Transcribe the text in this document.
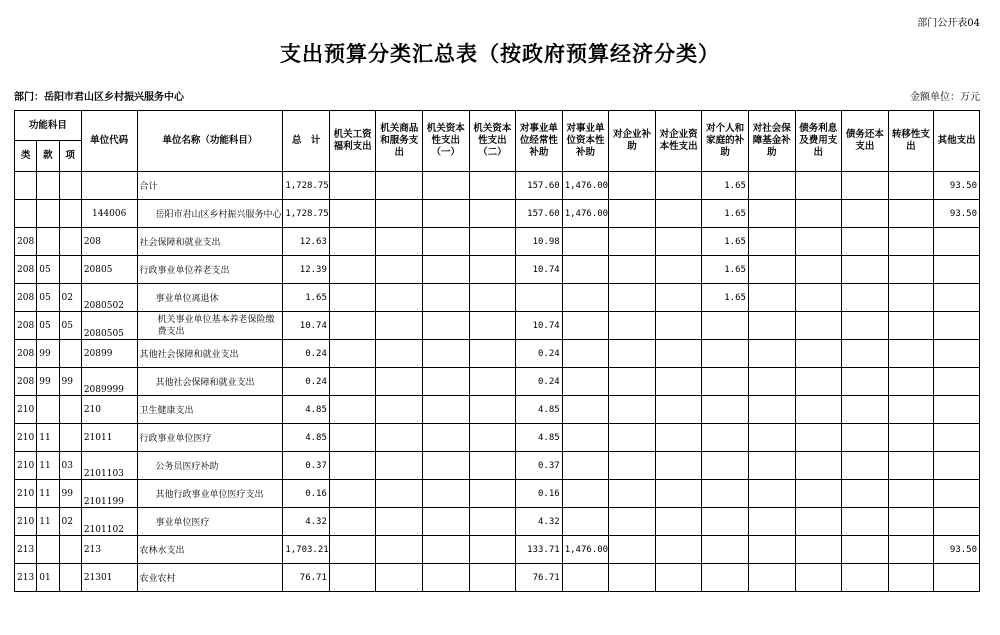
部门公开表04
支出预算分类汇总表（按政府预算经济分类）
部门：岳阳市君山区乡村振兴服务中心	金额单位：万元
功能科目			单位代码	单位名称（功能科目）	总　计	机关工资福利支出	机关商品和服务支出	机关资本性支出（一）	机关资本性支出（二）	对事业单位经常性补助	对事业单位资本性补助	对企业补助	对企业资本性支出	对个人和家庭的补助	对社会保障基金补助	债务利息及费用支出	债务还本支出	转移性支出	其他支出
类	款	项																	
				合计	1,728.75					157.60	1,476.00			1.65					93.50
			144006	岳阳市君山区乡村振兴服务中心	1,728.75					157.60	1,476.00			1.65					93.50
208			208	社会保障和就业支出	12.63					10.98				1.65					
208	05		20805	行政事业单位养老支出	12.39					10.74				1.65					
208	05	02	2080502	事业单位离退休	1.65									1.65					
208	05	05	2080505	机关事业单位基本养老保险缴费支出	10.74					10.74									
208	99		20899	其他社会保障和就业支出	0.24					0.24									
208	99	99	2089999	其他社会保障和就业支出	0.24					0.24									
210			210	卫生健康支出	4.85					4.85									
210	11		21011	行政事业单位医疗	4.85					4.85									
210	11	03	2101103	公务员医疗补助	0.37					0.37									
210	11	99	2101199	其他行政事业单位医疗支出	0.16					0.16									
210	11	02	2101102	事业单位医疗	4.32					4.32									
213			213	农林水支出	1,703.21					133.71	1,476.00								93.50
213	01		21301	农业农村	76.71					76.71									
